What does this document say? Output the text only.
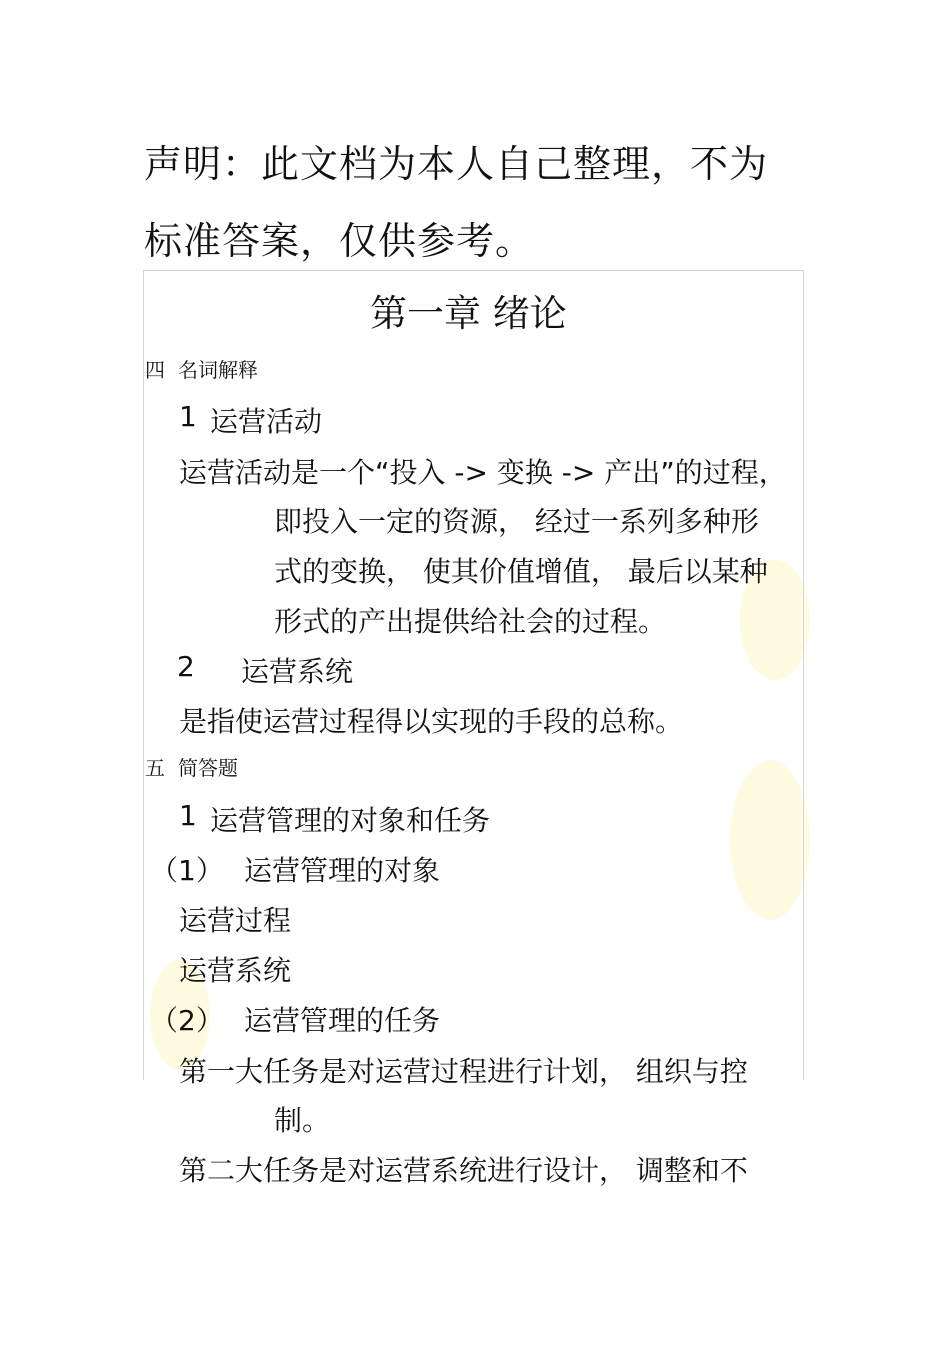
声明：此文档为本人自己整理，不为
标准答案，仅供参考。
第一章 绪论
四 名词解释
1 运营活动
运营活动是一个“投入 -> 变换 -> 产出”的过程，
即投入一定的资源， 经过一系列多种形
式的变换， 使其价值增值， 最后以某种
形式的产出提供给社会的过程。
2 运营系统
是指使运营过程得以实现的手段的总称。
五 简答题
1 运营管理的对象和任务
（1） 运营管理的对象
运营过程
运营系统
（2） 运营管理的任务
第一大任务是对运营过程进行计划， 组织与控
制。
第二大任务是对运营系统进行设计， 调整和不
